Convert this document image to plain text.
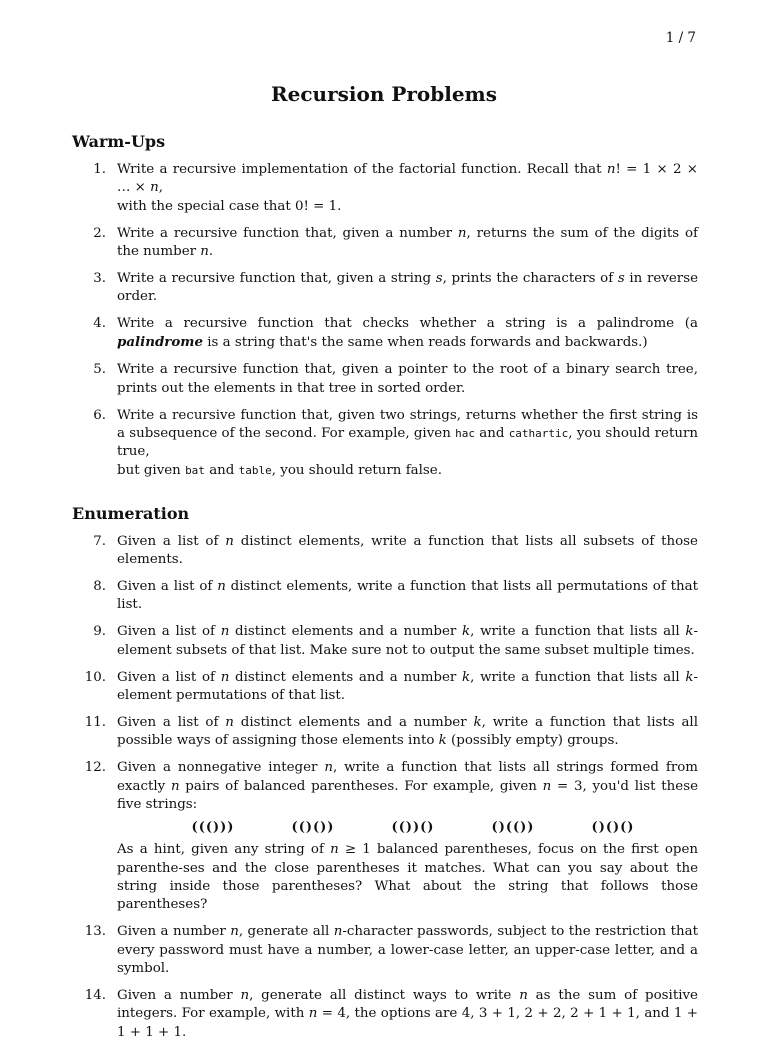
1 / 7
Recursion Problems
Warm-Ups
1. Write a recursive implementation of the factorial function. Recall that n! = 1 × 2 × … × n,
with the special case that 0! = 1.
2. Write a recursive function that, given a number n, returns the sum of the digits of the number n.
3. Write a recursive function that, given a string s, prints the characters of s in reverse order.
4. Write a recursive function that checks whether a string is a palindrome (a palindrome is a string that's the same when reads forwards and backwards.)
5. Write a recursive function that, given a pointer to the root of a binary search tree, prints out the elements in that tree in sorted order.
6. Write a recursive function that, given two strings, returns whether the first string is a subsequence of the second. For example, given hac and cathartic, you should return true,
but given bat and table, you should return false.
Enumeration
7. Given a list of n distinct elements, write a function that lists all subsets of those elements.
8. Given a list of n distinct elements, write a function that lists all permutations of that list.
9. Given a list of n distinct elements and a number k, write a function that lists all k-element subsets of that list. Make sure not to output the same subset multiple times.
10. Given a list of n distinct elements and a number k, write a function that lists all k-element permutations of that list.
11. Given a list of n distinct elements and a number k, write a function that lists all possible ways of assigning those elements into k (possibly empty) groups.
12. Given a nonnegative integer n, write a function that lists all strings formed from exactly n pairs of balanced parentheses. For example, given n = 3, you'd list these five strings:
((()))	(()())	(())()	()(())	()()()
As a hint, given any string of n ≥ 1 balanced parentheses, focus on the first open parenthe-ses and the close parentheses it matches. What can you say about the string inside those parentheses? What about the string that follows those parentheses?
13. Given a number n, generate all n-character passwords, subject to the restriction that every password must have a number, a lower-case letter, an upper-case letter, and a symbol.
14. Given a number n, generate all distinct ways to write n as the sum of positive integers. For example, with n = 4, the options are 4, 3 + 1, 2 + 2, 2 + 1 + 1, and 1 + 1 + 1 + 1.
